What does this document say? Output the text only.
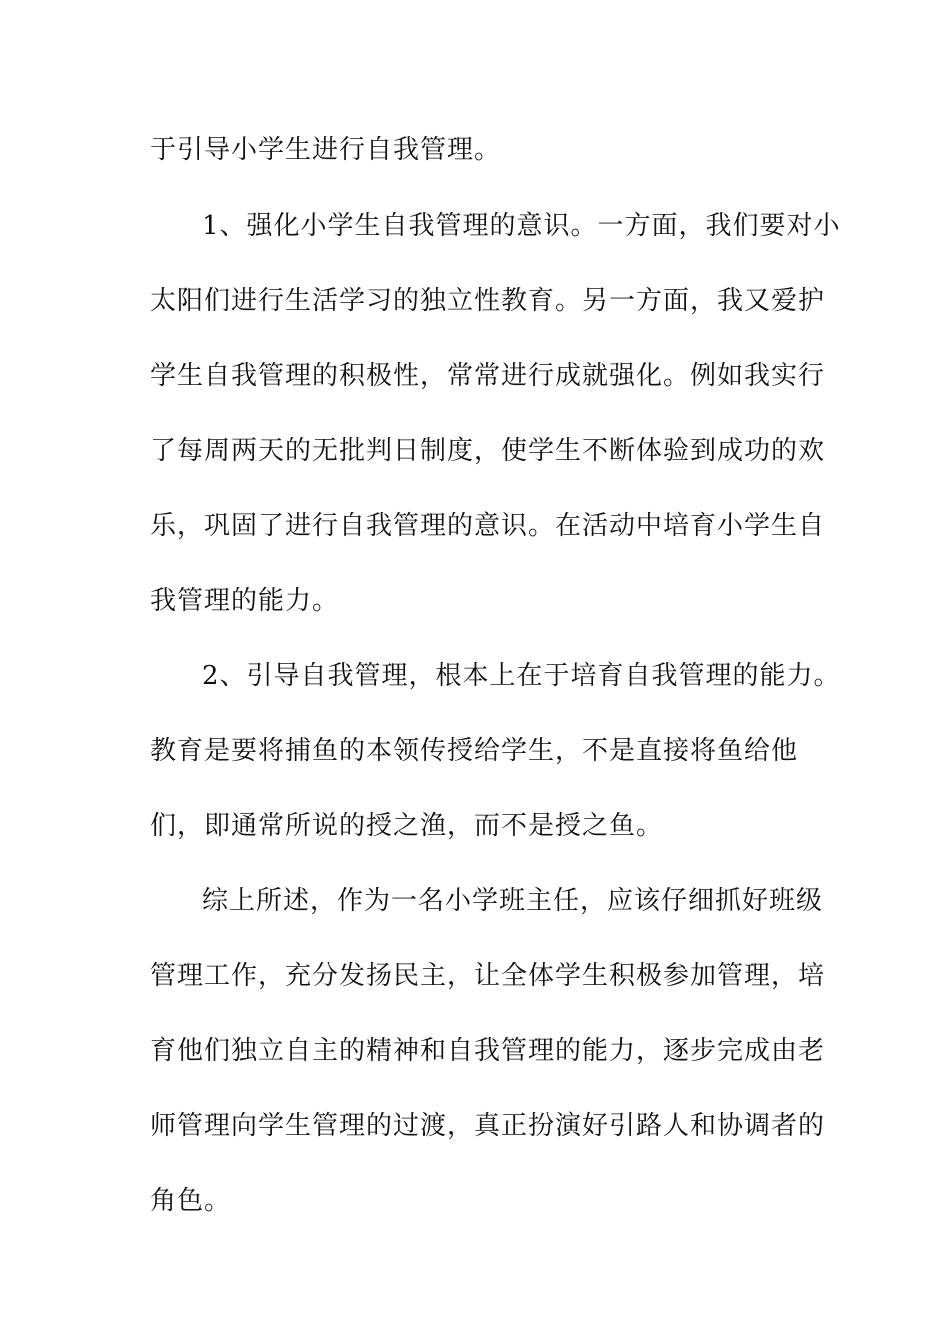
于引导小学生进行自我管理。
1、强化小学生自我管理的意识。一方面，我们要对小
太阳们进行生活学习的独立性教育。另一方面，我又爱护
学生自我管理的积极性，常常进行成就强化。例如我实行
了每周两天的无批判日制度，使学生不断体验到成功的欢
乐，巩固了进行自我管理的意识。在活动中培育小学生自
我管理的能力。
2、引导自我管理，根本上在于培育自我管理的能力。
教育是要将捕鱼的本领传授给学生，不是直接将鱼给他
们，即通常所说的授之渔，而不是授之鱼。
综上所述，作为一名小学班主任，应该仔细抓好班级
管理工作，充分发扬民主，让全体学生积极参加管理，培
育他们独立自主的精神和自我管理的能力，逐步完成由老
师管理向学生管理的过渡，真正扮演好引路人和协调者的
角色。
